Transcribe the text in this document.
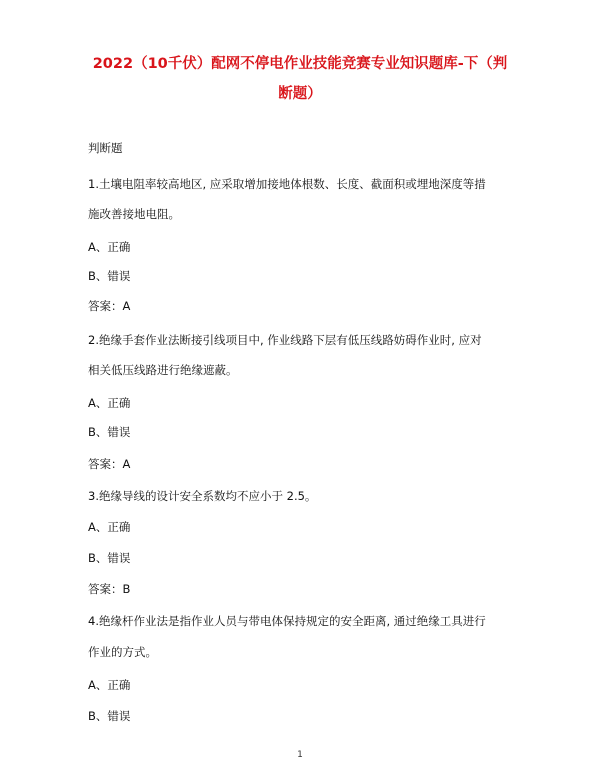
2022（10千伏）配网不停电作业技能竞赛专业知识题库-下（判
断题）

判断题

1.土壤电阻率较高地区, 应采取增加接地体根数、长度、截面积或埋地深度等措

施改善接地电阻。

A、正确

B、错误

答案：A

2.绝缘手套作业法断接引线项目中, 作业线路下层有低压线路妨碍作业时, 应对

相关低压线路进行绝缘遮蔽。

A、正确

B、错误

答案：A

3.绝缘导线的设计安全系数均不应小于 2.5。

A、正确

B、错误

答案：B

4.绝缘杆作业法是指作业人员与带电体保持规定的安全距离, 通过绝缘工具进行

作业的方式。

A、正确

B、错误

1
